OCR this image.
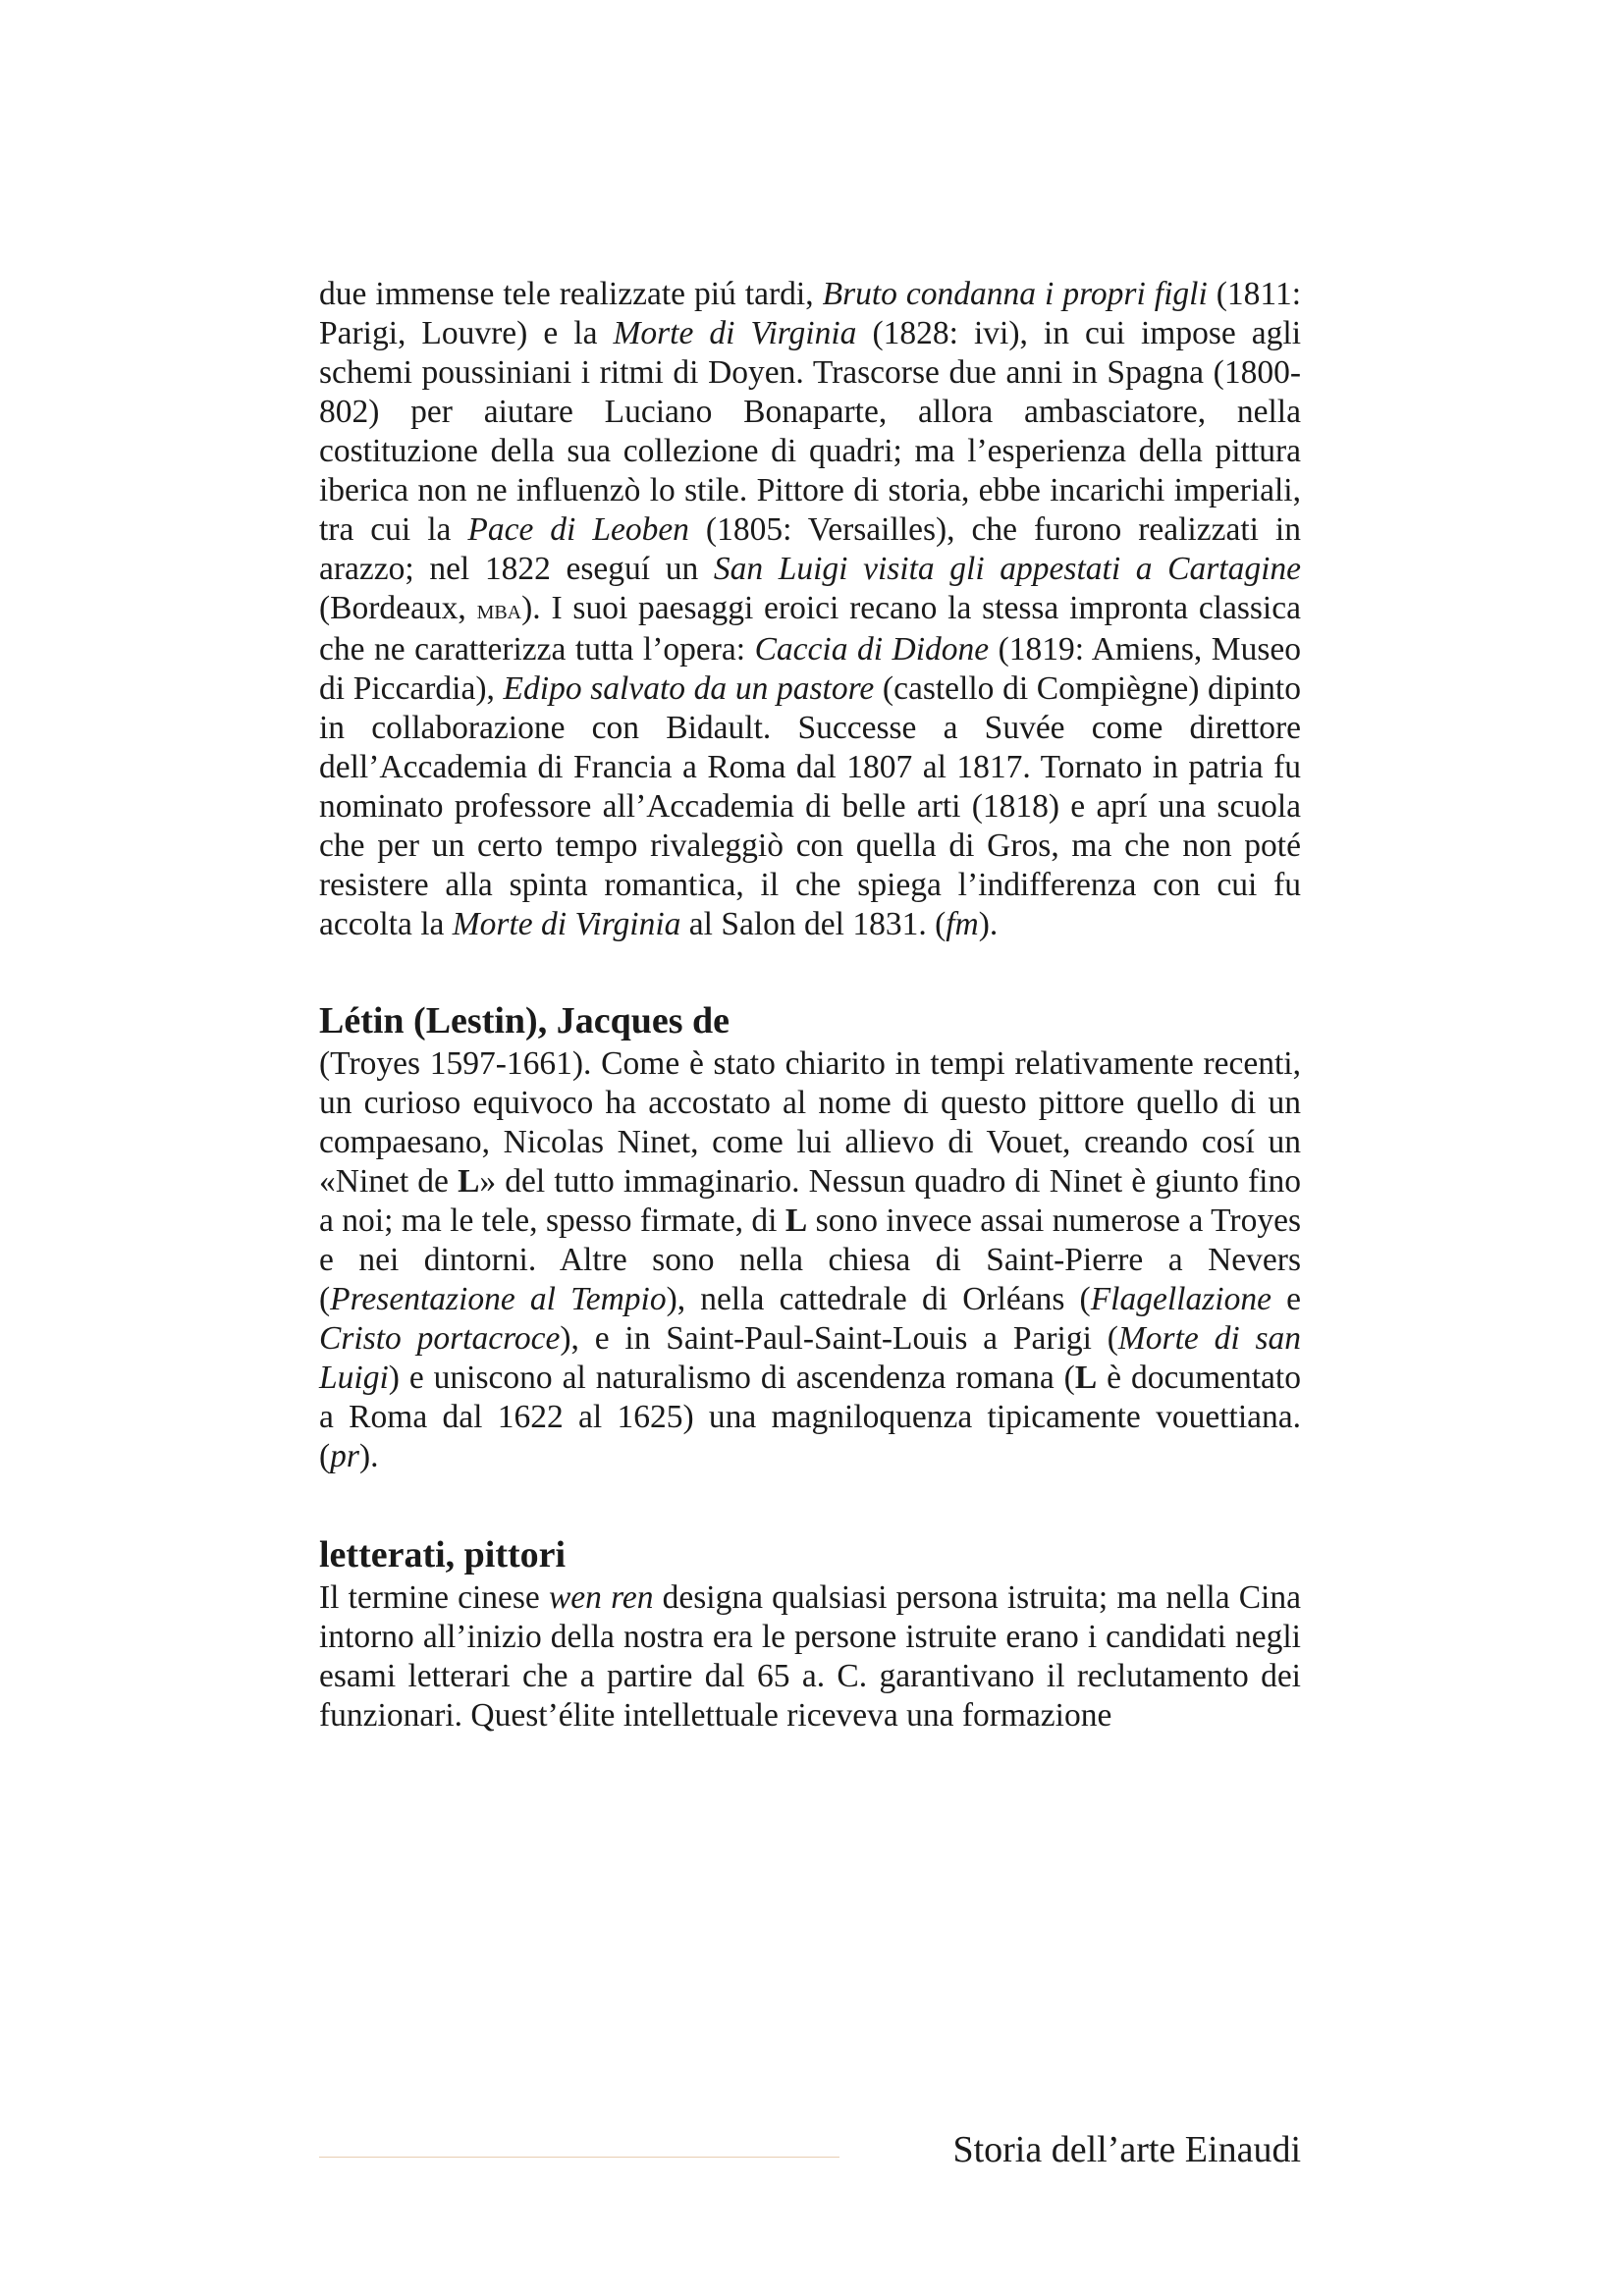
due immense tele realizzate piú tardi, Bruto condanna i propri figli (1811: Parigi, Louvre) e la Morte di Virginia (1828: ivi), in cui impose agli schemi poussiniani i ritmi di Doyen. Trascorse due anni in Spagna (1800-802) per aiutare Luciano Bonaparte, allora ambasciatore, nella costituzione della sua collezione di quadri; ma l’esperienza della pittura iberica non ne influenzò lo stile. Pittore di storia, ebbe incarichi imperiali, tra cui la Pace di Leoben (1805: Versailles), che furono realizzati in arazzo; nel 1822 eseguí un San Luigi visita gli appestati a Cartagine (Bordeaux, mba). I suoi paesaggi eroici recano la stessa impronta classica che ne caratterizza tutta l’opera: Caccia di Didone (1819: Amiens, Museo di Piccardia), Edipo salvato da un pastore (castello di Compiègne) dipinto in collaborazione con Bidault. Successe a Suvée come direttore dell’Accademia di Francia a Roma dal 1807 al 1817. Tornato in patria fu nominato professore all’Accademia di belle arti (1818) e aprí una scuola che per un certo tempo rivaleggiò con quella di Gros, ma che non poté resistere alla spinta romantica, il che spiega l’indifferenza con cui fu accolta la Morte di Virginia al Salon del 1831. (fm).

Létin (Lestin), Jacques de

(Troyes 1597-1661). Come è stato chiarito in tempi relativamente recenti, un curioso equivoco ha accostato al nome di questo pittore quello di un compaesano, Nicolas Ninet, come lui allievo di Vouet, creando cosí un «Ninet de L» del tutto immaginario. Nessun quadro di Ninet è giunto fino a noi; ma le tele, spesso firmate, di L sono invece assai numerose a Troyes e nei dintorni. Altre sono nella chiesa di Saint-Pierre a Nevers (Presentazione al Tempio), nella cattedrale di Orléans (Flagellazione e Cristo portacroce), e in Saint-Paul-Saint-Louis a Parigi (Morte di san Luigi) e uniscono al naturalismo di ascendenza romana (L è documentato a Roma dal 1622 al 1625) una magniloquenza tipicamente vouettiana. (pr).

letterati, pittori

Il termine cinese wen ren designa qualsiasi persona istruita; ma nella Cina intorno all’inizio della nostra era le persone istruite erano i candidati negli esami letterari che a partire dal 65 a. C. garantivano il reclutamento dei funzionari. Quest’élite intellettuale riceveva una formazione

Storia dell’arte Einaudi
